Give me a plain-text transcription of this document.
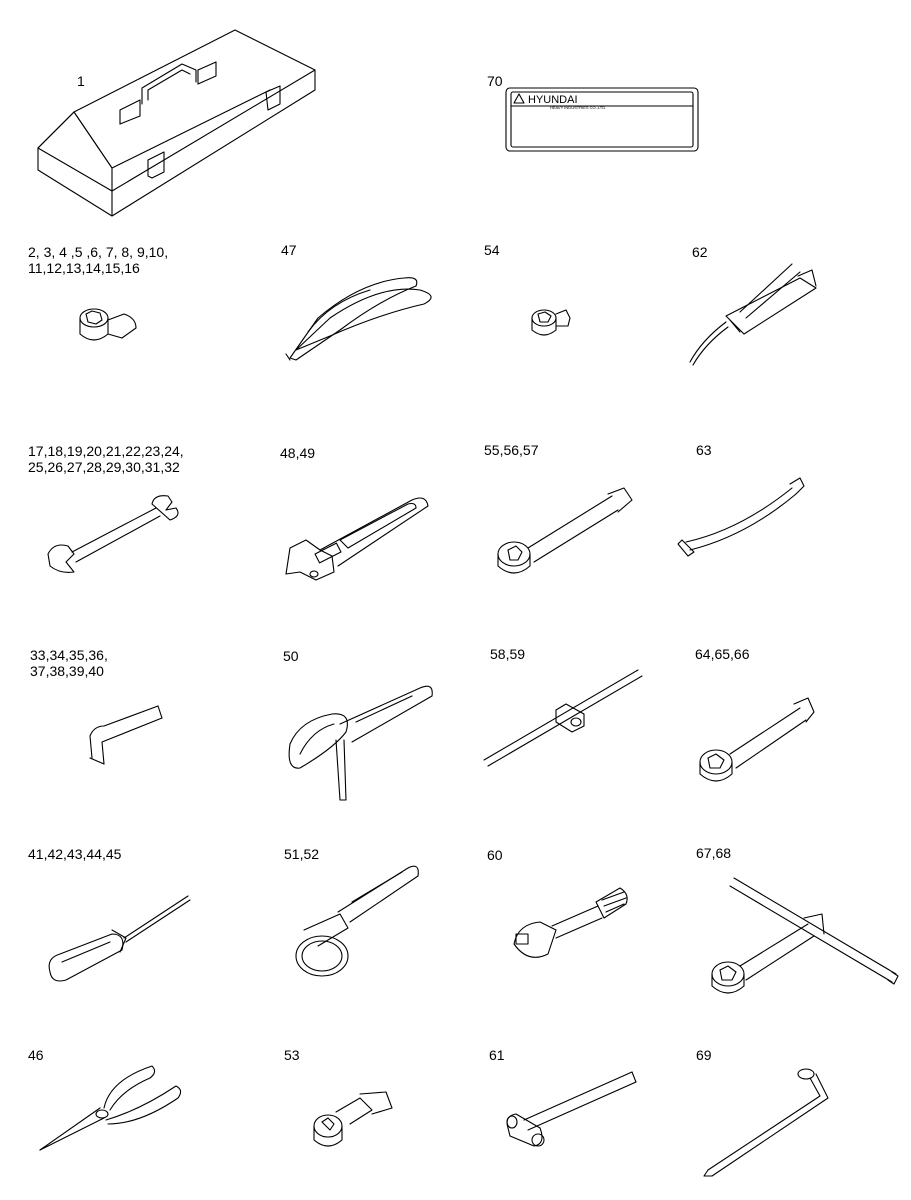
1	70
2, 3, 4 ,5 ,6, 7, 8, 9,10,
11,12,13,14,15,16
47	54	62
17,18,19,20,21,22,23,24,
25,26,27,28,29,30,31,32
48,49	55,56,57	63
33,34,35,36,
37,38,39,40
50	58,59	64,65,66
41,42,43,44,45	51,52	60	67,68
46	53	61	69
HYUNDAI
HEAVY INDUSTRIES CO.,LTD.
